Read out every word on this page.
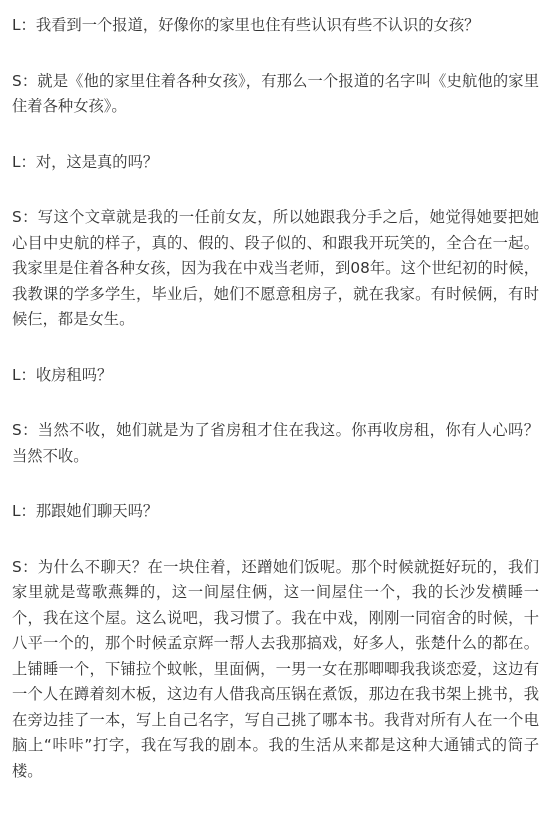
L：我看到一个报道，好像你的家里也住有些认识有些不认识的女孩？

S：就是《他的家里住着各种女孩》，有那么一个报道的名字叫《史航他的家里住着各种女孩》。

L：对，这是真的吗？

S：写这个文章就是我的一任前女友，所以她跟我分手之后，她觉得她要把她心目中史航的样子，真的、假的、段子似的、和跟我开玩笑的，全合在一起。我家里是住着各种女孩，因为我在中戏当老师，到08年。这个世纪初的时候，我教课的学多学生，毕业后，她们不愿意租房子，就在我家。有时候俩，有时候仨，都是女生。

L：收房租吗？

S：当然不收，她们就是为了省房租才住在我这。你再收房租，你有人心吗？当然不收。

L：那跟她们聊天吗？

S：为什么不聊天？在一块住着，还蹭她们饭呢。那个时候就挺好玩的，我们家里就是莺歌燕舞的，这一间屋住俩，这一间屋住一个，我的长沙发横睡一个，我在这个屋。这么说吧，我习惯了。我在中戏，刚刚一同宿舍的时候，十八平一个的，那个时候孟京辉一帮人去我那搞戏，好多人，张楚什么的都在。上铺睡一个，下铺拉个蚊帐，里面俩，一男一女在那唧唧我我谈恋爱，这边有一个人在蹲着刻木板，这边有人借我高压锅在煮饭，那边在我书架上挑书，我在旁边挂了一本，写上自己名字，写自己挑了哪本书。我背对所有人在一个电脑上“咔咔”打字，我在写我的剧本。我的生活从来都是这种大通铺式的筒子楼。
